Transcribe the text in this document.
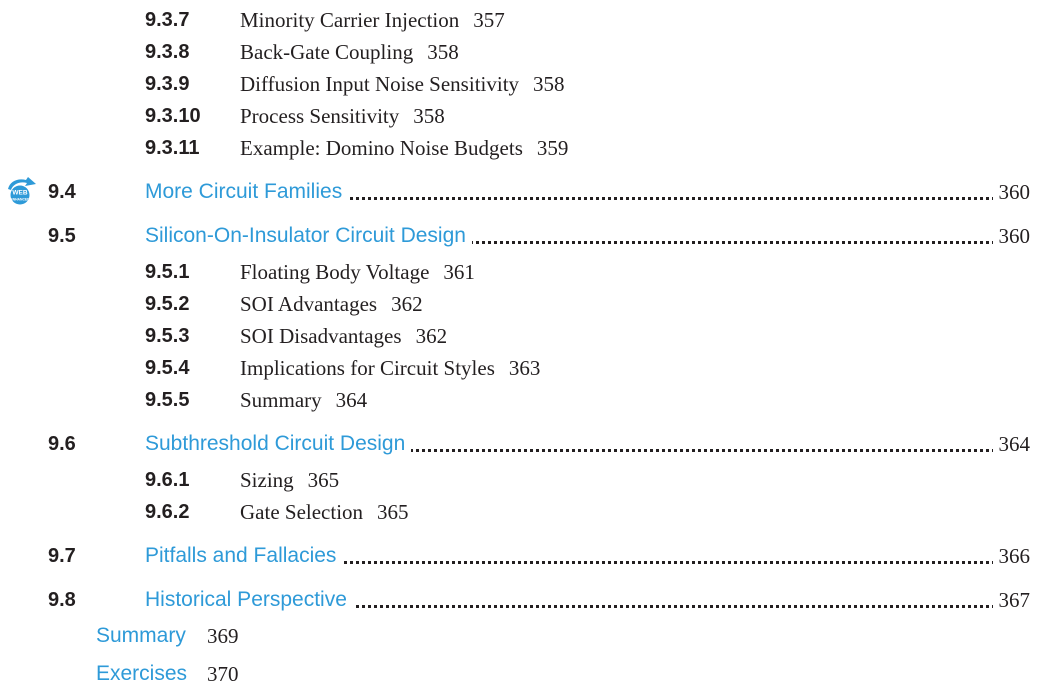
9.3.7 Minority Carrier Injection 357
9.3.8 Back-Gate Coupling 358
9.3.9 Diffusion Input Noise Sensitivity 358
9.3.10 Process Sensitivity 358
9.3.11 Example: Domino Noise Budgets 359
WEB
ENHANCED 9.4	More Circuit Families	360
9.5	Silicon-On-Insulator Circuit Design	360
9.5.1 Floating Body Voltage 361
9.5.2 SOI Advantages 362
9.5.3 SOI Disadvantages 362
9.5.4 Implications for Circuit Styles 363
9.5.5 Summary 364
9.6	Subthreshold Circuit Design	364
9.6.1 Sizing 365
9.6.2 Gate Selection 365
9.7	Pitfalls and Fallacies	366
9.8	Historical Perspective	367
Summary 369
Exercises 370
